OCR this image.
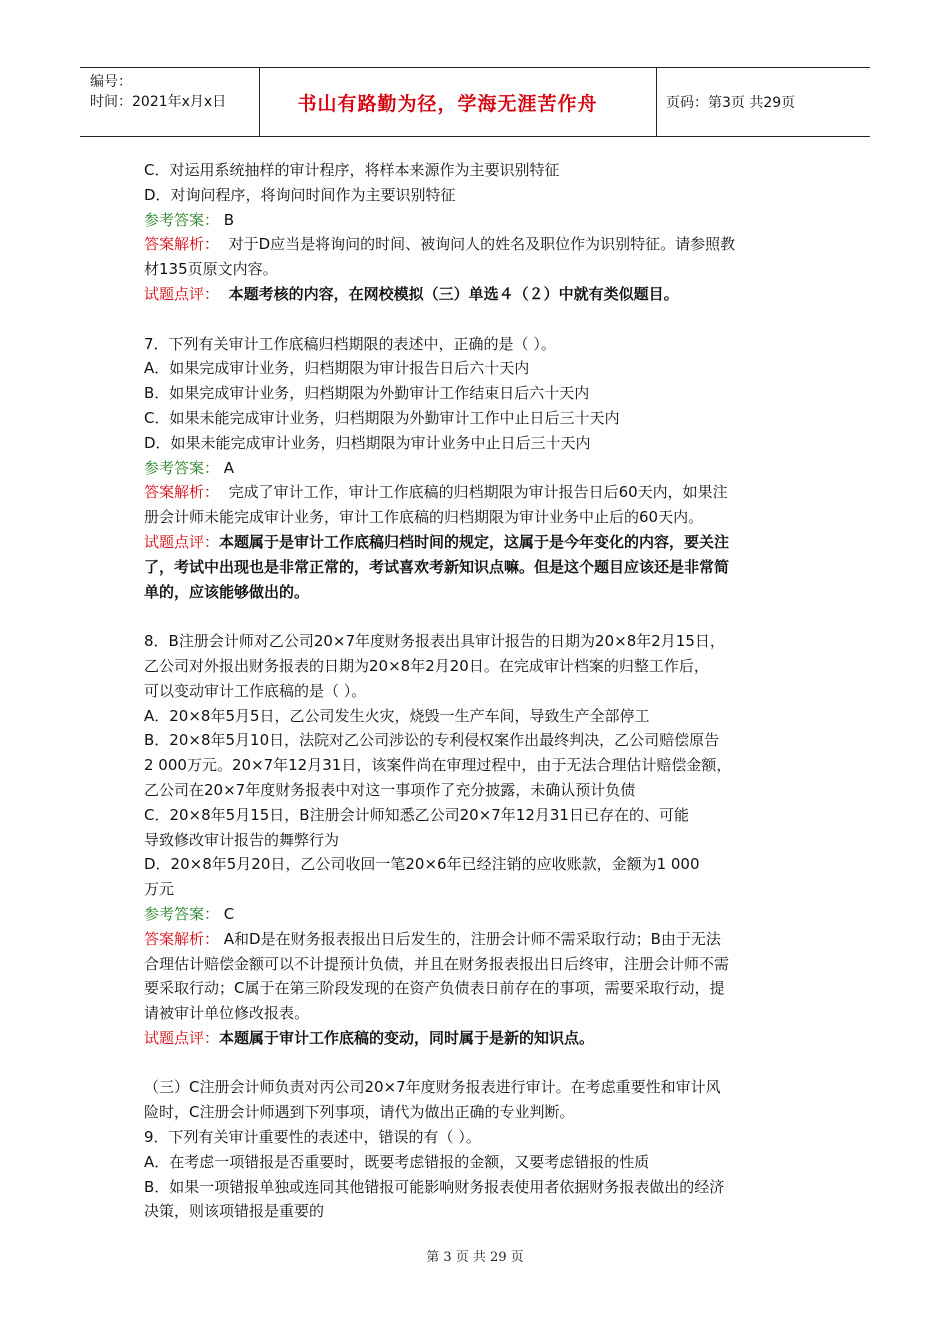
编号：
时间：2021年x月x日	书山有路勤为径，学海无涯苦作舟	页码：第3页 共29页
C．对运用系统抽样的审计程序，将样本来源作为主要识别特征
D．对询问程序，将询问时间作为主要识别特征
参考答案： B
答案解析： 对于D应当是将询问的时间、被询问人的姓名及职位作为识别特征。请参照教
材135页原文内容。
试题点评： 本题考核的内容，在网校模拟（三）单选４（２）中就有类似题目。
7．下列有关审计工作底稿归档期限的表述中，正确的是（ ）。
A．如果完成审计业务，归档期限为审计报告日后六十天内
B．如果完成审计业务，归档期限为外勤审计工作结束日后六十天内
C．如果未能完成审计业务，归档期限为外勤审计工作中止日后三十天内
D．如果未能完成审计业务，归档期限为审计业务中止日后三十天内
参考答案： A
答案解析： 完成了审计工作，审计工作底稿的归档期限为审计报告日后60天内，如果注
册会计师未能完成审计业务，审计工作底稿的归档期限为审计业务中止后的60天内。
试题点评：本题属于是审计工作底稿归档时间的规定，这属于是今年变化的内容，要关注
了，考试中出现也是非常正常的，考试喜欢考新知识点嘛。但是这个题目应该还是非常简
单的，应该能够做出的。
8．B注册会计师对乙公司20×7年度财务报表出具审计报告的日期为20×8年2月15日，
乙公司对外报出财务报表的日期为20×8年2月20日。在完成审计档案的归整工作后，
可以变动审计工作底稿的是（ ）。
A．20×8年5月5日，乙公司发生火灾，烧毁一生产车间，导致生产全部停工
B．20×8年5月10日，法院对乙公司涉讼的专利侵权案作出最终判决，乙公司赔偿原告
2 000万元。20×7年12月31日，该案件尚在审理过程中，由于无法合理估计赔偿金额，
乙公司在20×7年度财务报表中对这一事项作了充分披露，未确认预计负债
C．20×8年5月15日，B注册会计师知悉乙公司20×7年12月31日已存在的、可能
导致修改审计报告的舞弊行为
D．20×8年5月20日，乙公司收回一笔20×6年已经注销的应收账款，金额为1 000
万元
参考答案： C
答案解析： A和D是在财务报表报出日后发生的，注册会计师不需采取行动；B由于无法
合理估计赔偿金额可以不计提预计负债，并且在财务报表报出日后终审，注册会计师不需
要采取行动；C属于在第三阶段发现的在资产负债表日前存在的事项，需要采取行动，提
请被审计单位修改报表。
试题点评：本题属于审计工作底稿的变动，同时属于是新的知识点。
（三）C注册会计师负责对丙公司20×7年度财务报表进行审计。在考虑重要性和审计风
险时，C注册会计师遇到下列事项，请代为做出正确的专业判断。
9．下列有关审计重要性的表述中，错误的有（ ）。
A．在考虑一项错报是否重要时，既要考虑错报的金额，又要考虑错报的性质
B．如果一项错报单独或连同其他错报可能影响财务报表使用者依据财务报表做出的经济
决策，则该项错报是重要的
第 3 页 共 29 页
